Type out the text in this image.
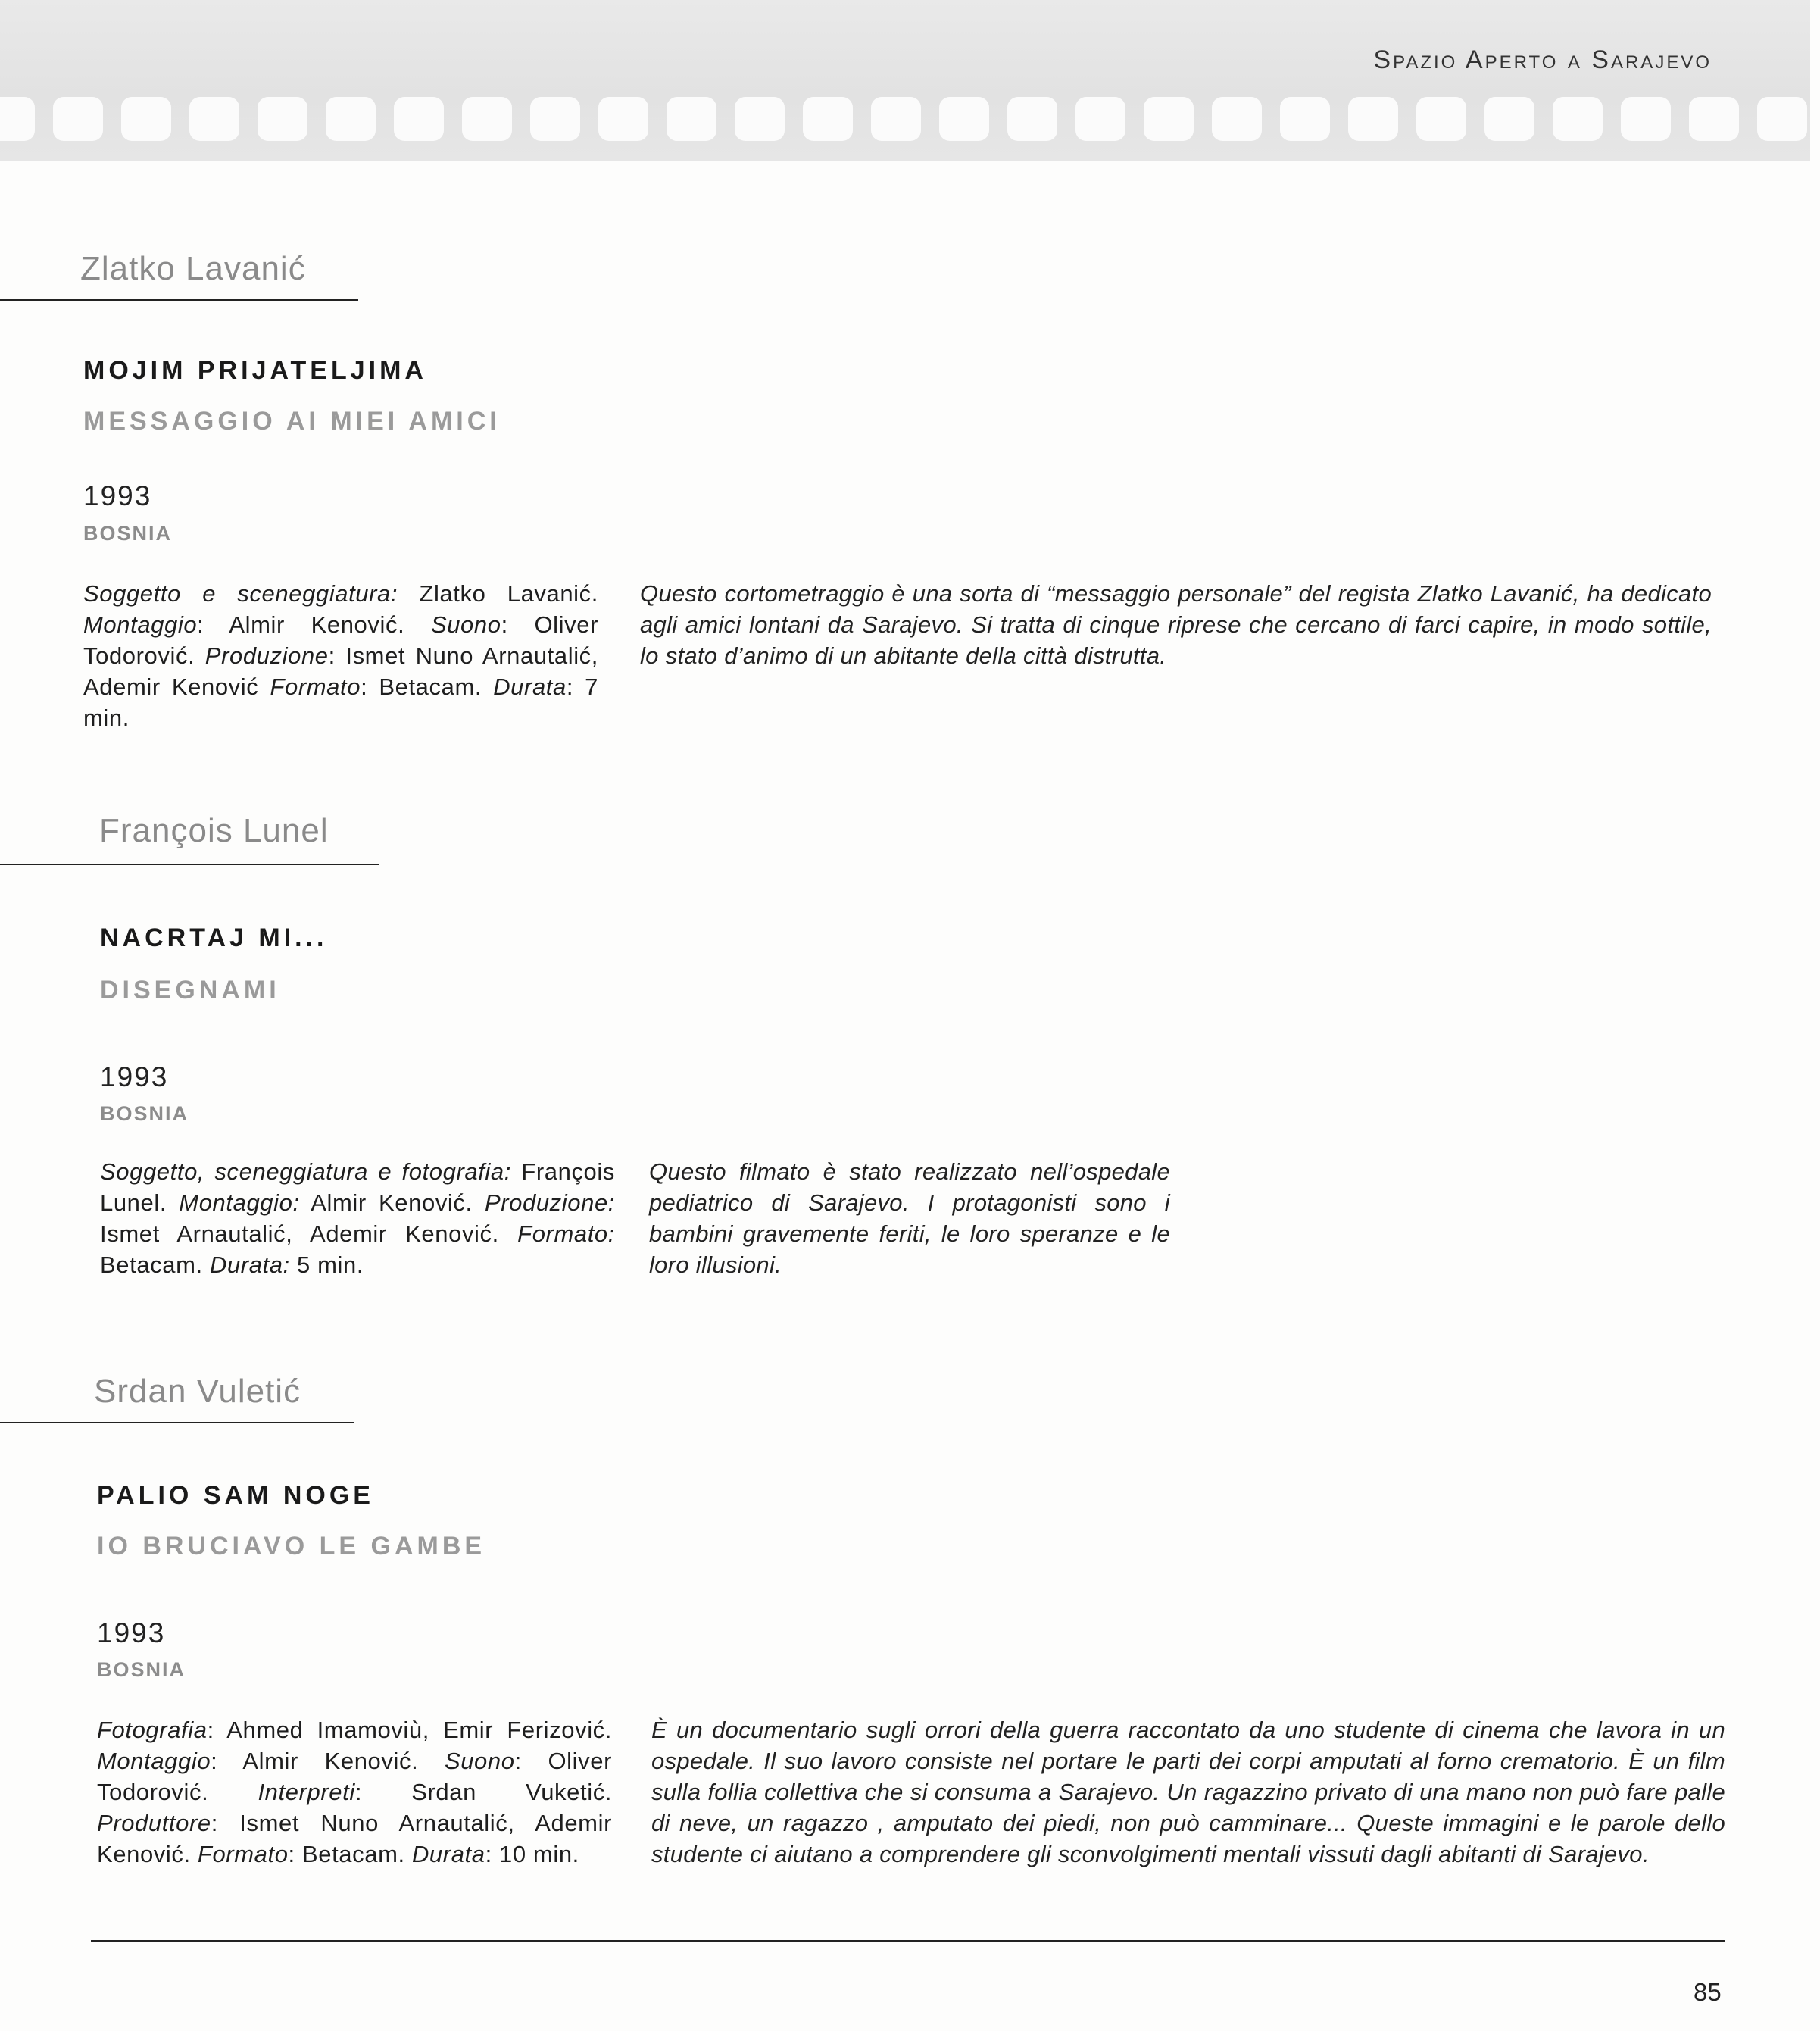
Spazio Aperto a Sarajevo
Zlatko Lavanić
MOJIM PRIJATELJIMA
MESSAGGIO AI MIEI AMICI
1993
BOSNIA
Soggetto e sceneggiatura: Zlatko Lavanić. Montaggio: Almir Kenović. Suono: Oliver Todorović. Produzione: Ismet Nuno Arnautalić, Ademir Kenović Formato: Betacam. Durata: 7 min.
Questo cortometraggio è una sorta di “messaggio personale” del regista Zlatko Lavanić, ha dedicato agli amici lontani da Sarajevo. Si tratta di cinque riprese che cercano di farci capire, in modo sottile, lo stato d’animo di un abitante della città distrutta.
François Lunel
NACRTAJ MI...
DISEGNAMI
1993
BOSNIA
Soggetto, sceneggiatura e fotografia: François Lunel. Montaggio: Almir Kenović. Produzione: Ismet Arnautalić, Ademir Kenović. Formato: Betacam. Durata: 5 min.
Questo filmato è stato realizzato nell’ospedale pediatrico di Sarajevo. I protagonisti sono i bambini gravemente feriti, le loro speranze e le loro illusioni.
Srdan Vuletić
PALIO SAM NOGE
IO BRUCIAVO LE GAMBE
1993
BOSNIA
Fotografia: Ahmed Imamoviù, Emir Ferizović. Montaggio: Almir Kenović. Suono: Oliver Todorović. Interpreti: Srdan Vuketić. Produttore: Ismet Nuno Arnautalić, Ademir Kenović. Formato: Betacam. Durata: 10 min.
È un documentario sugli orrori della guerra raccontato da uno studente di cinema che lavora in un ospedale. Il suo lavoro consiste nel portare le parti dei corpi amputati al forno crematorio. È un film sulla follia collettiva che si consuma a Sarajevo. Un ragazzino privato di una mano non può fare palle di neve, un ragazzo , amputato dei piedi, non può camminare... Queste immagini e le parole dello studente ci aiutano a comprendere gli sconvolgimenti mentali vissuti dagli abitanti di Sarajevo.
85
